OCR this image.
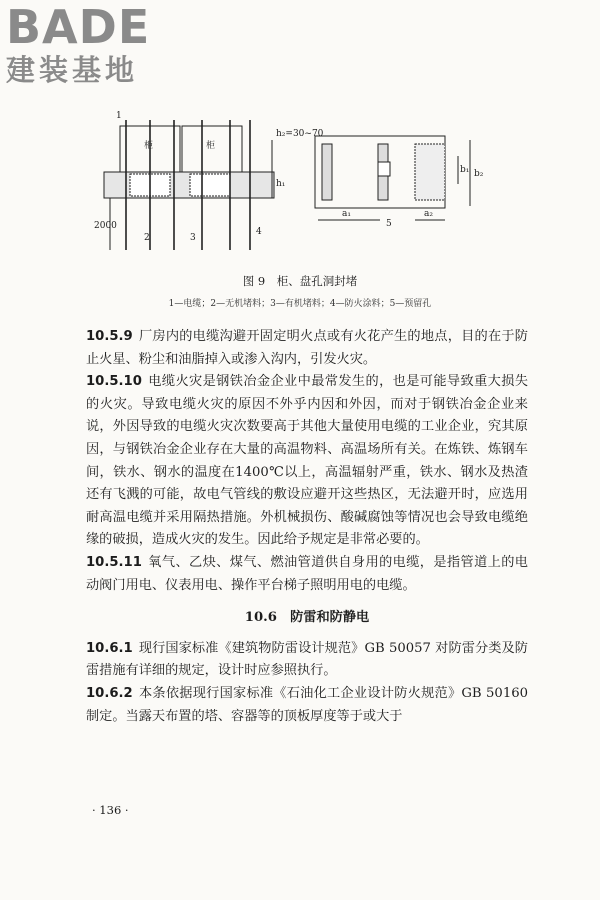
BADE
建装基地
柜	柜
1
2	3
4
5
h₂=30~70
h₁
2000
a₁	a₂
b₁ b₂
图 9　柜、盘孔洞封堵
1—电缆；2—无机堵料；3—有机堵料；4—防火涂料；5—预留孔

10.5.9 厂房内的电缆沟避开固定明火点或有火花产生的地点，目的在于防止火星、粉尘和油脂掉入或渗入沟内，引发火灾。

10.5.10 电缆火灾是钢铁冶金企业中最常发生的，也是可能导致重大损失的火灾。导致电缆火灾的原因不外乎内因和外因，而对于钢铁冶金企业来说，外因导致的电缆火灾次数要高于其他大量使用电缆的工业企业，究其原因，与钢铁冶金企业存在大量的高温物料、高温场所有关。在炼铁、炼钢车间，铁水、钢水的温度在1400℃以上，高温辐射严重，铁水、钢水及热渣还有飞溅的可能，故电气管线的敷设应避开这些热区，无法避开时，应选用耐高温电缆并采用隔热措施。外机械损伤、酸碱腐蚀等情况也会导致电缆绝缘的破损，造成火灾的发生。因此给予规定是非常必要的。

10.5.11 氧气、乙炔、煤气、燃油管道供自身用的电缆，是指管道上的电动阀门用电、仪表用电、操作平台梯子照明用电的电缆。

10.6　防雷和防静电

10.6.1 现行国家标准《建筑物防雷设计规范》GB 50057 对防雷分类及防雷措施有详细的规定，设计时应参照执行。

10.6.2 本条依据现行国家标准《石油化工企业设计防火规范》GB 50160 制定。当露天布置的塔、容器等的顶板厚度等于或大于

· 136 ·
